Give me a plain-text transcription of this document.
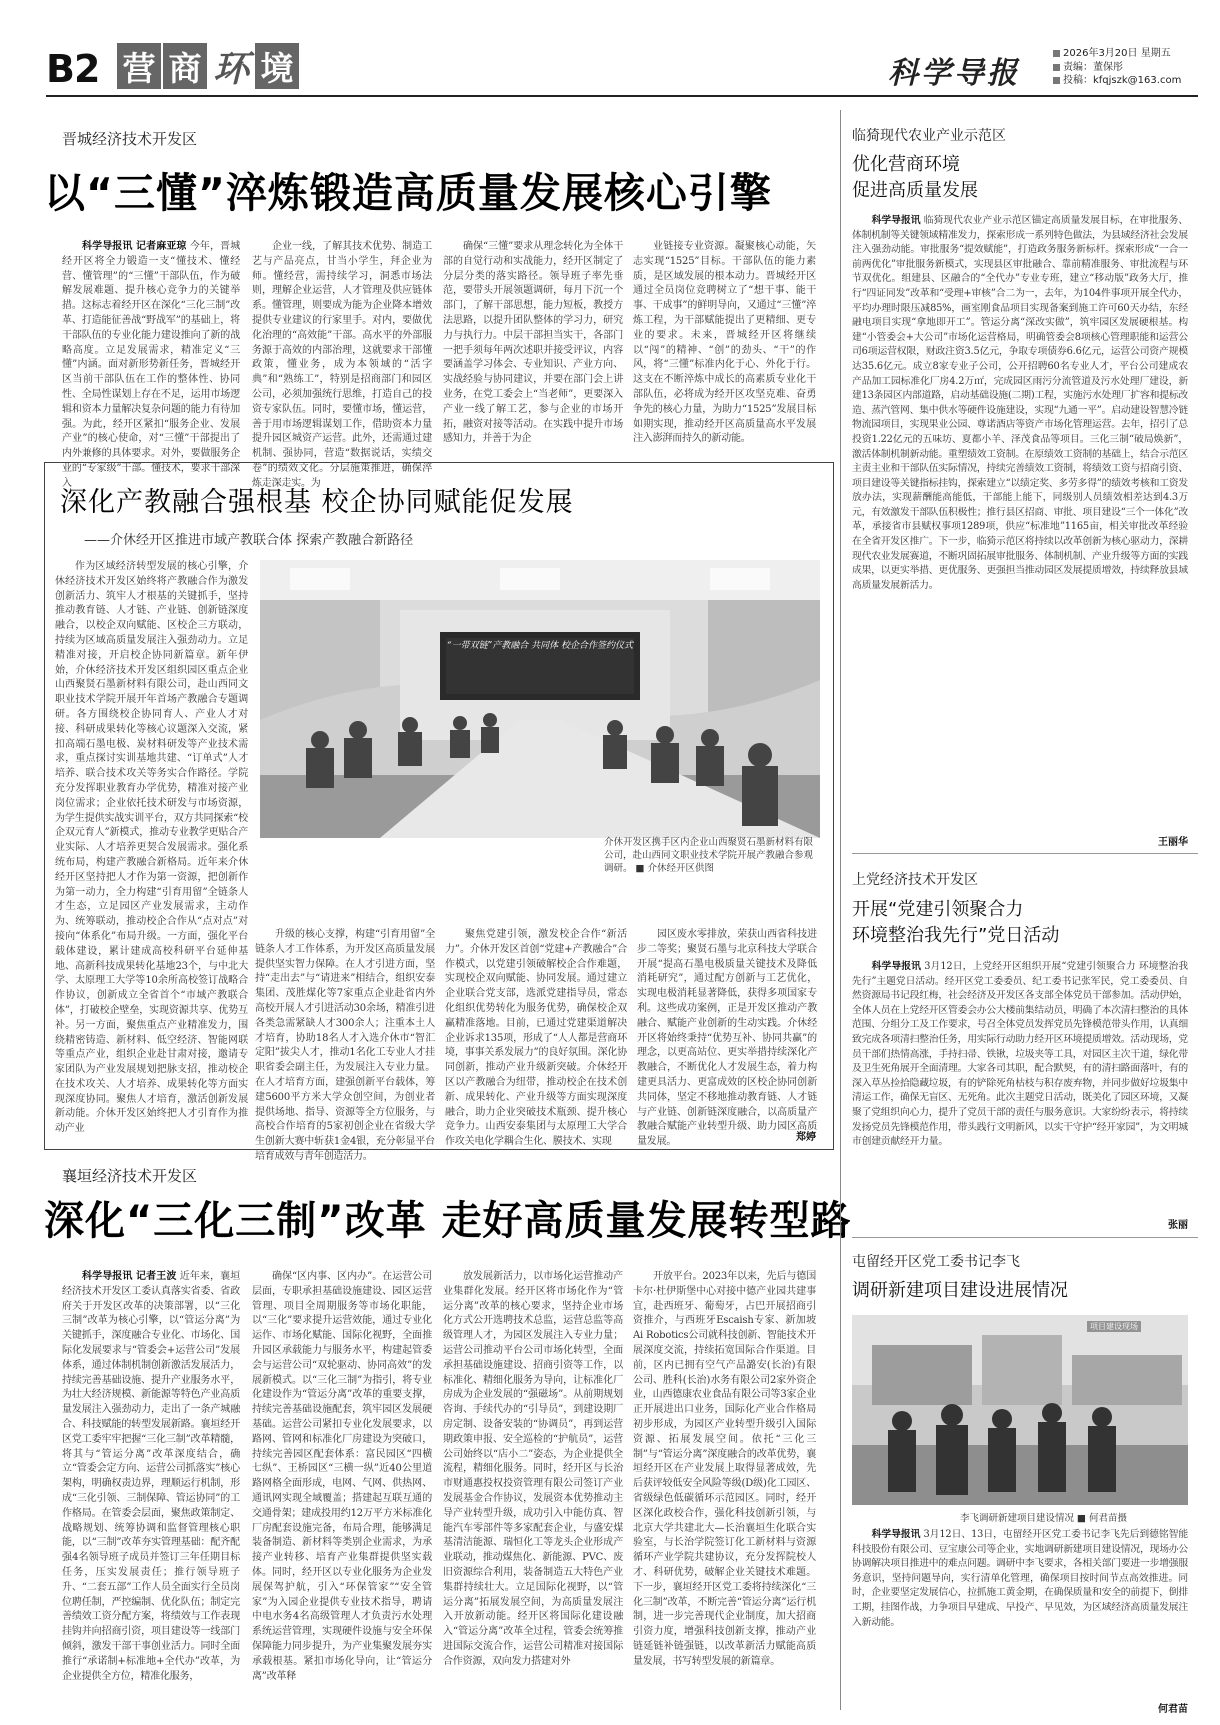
B2 营 商 环 境	科学导报
2026年3月20日 星期五
责编：董保彤
投稿：kfqjszk@163.com
晋城经济技术开发区
以“三懂”淬炼锻造高质量发展核心引擎

科学导报讯 记者麻亚琼 今年，晋城经开区将全力锻造一支“懂技术、懂经营、懂管理”的“三懂”干部队伍，作为破解发展难题、提升核心竞争力的关键举措。这标志着经开区在深化“三化三制”改革、打造能征善战“野战军”的基础上，将干部队伍的专业化能力建设推向了新的战略高度。立足发展需求，精准定义“三懂”内涵。面对新形势新任务，晋城经开区当前干部队伍在工作的整体性、协同性、全局性谋划上存在不足，运用市场逻辑和资本力量解决复杂问题的能力有待加强。为此，经开区紧扣“服务企业、发展产业”的核心使命，对“三懂”干部提出了内外兼修的具体要求。对外，要做服务企业的“专家级”干部。懂技术，要求干部深入

企业一线，了解其技术优势、制造工艺与产品亮点，甘当小学生，拜企业为师。懂经营，需持续学习，洞悉市场法则，理解企业运营，人才管理及供应链体系。懂管理，则要成为能为企业降本增效提供专业建议的行家里手。对内，要做优化治理的“高效能”干部。高水平的外部服务源于高效的内部治理，这就要求干部懂政策，懂业务，成为本领域的“活字典”和“熟练工”，特别是招商部门和园区公司，必须加强统行思维，打造自己的投资专家队伍。同时，要懂市场，懂运营，善于用市场逻辑谋划工作，借助资本力量提升园区城资产运营。此外，还需通过建机制、强协同，营造“数据说话，实绩交卷”的绩效文化。分层施策推进，确保淬炼走深走实。为

确保“三懂”要求从理念转化为全体干部的自觉行动和实战能力，经开区制定了分层分类的落实路径。领导班子率先垂范，要带头开展领题调研，每月下沉一个部门，了解干部思想，能力短板，教授方法思路，以提升团队整体的学习力，研究力与执行力。中层干部担当实干，各部门一把手须每年两次述职并接受评议，内容要涵盖学习体会、专业知识、产业方向、实战经验与协同建议，并要在部门会上讲业务，在党工委会上“当老师”，更要深入产业一线了解工艺，参与企业的市场开拓，融资对接等活动。在实践中提升市场感知力，并善于为企

业链接专业资源。凝聚核心动能，矢志实现“1525”目标。干部队伍的能力素质，是区域发展的根本动力。晋城经开区通过全员岗位竞聘树立了“想干事、能干事、干成事”的鲜明导向，又通过“三懂”淬炼工程，为干部赋能提出了更精细、更专业的要求。未来，晋城经开区将继续以“闯”的精神、“创”的劲头、“干”的作风，将“三懂”标准内化于心、外化于行。这支在不断淬炼中成长的高素质专业化干部队伍，必将成为经开区攻坚克难、奋勇争先的核心力量，为助力“1525”发展目标如期实现，推动经开区高质量高水平发展注入澎湃而持久的新动能。

深化产教融合强根基 校企协同赋能促发展
——介休经开区推进市域产教联合体 探索产教融合新路径

作为区域经济转型发展的核心引擎，介休经济技术开发区始终将产教融合作为激发创新活力、筑牢人才根基的关键抓手，坚持推动教育链、人才链、产业链、创新链深度融合，以校企双向赋能、区校企三方联动，持续为区域高质量发展注入强劲动力。立足精准对接，开启校企协同新篇章。新年伊始，介休经济技术开发区组织园区重点企业山西聚贤石墨新材料有限公司，赴山西同文职业技术学院开展开年首场产教融合专题调研。各方围绕校企协同育人、产业人才对接、科研成果转化等核心议题深入交流，紧扣高端石墨电极、炭材料研发等产业技术需求，重点探讨实训基地共建、“订单式”人才培养、联合技术攻关等务实合作路径。学院充分发挥职业教育办学优势，精准对接产业岗位需求；企业依托技术研发与市场资源，为学生提供实战实训平台，双方共同探索“校企双元育人”新模式，推动专业教学更贴合产业实际、人才培养更契合发展需求。强化系统布局，构建产教融合新格局。近年来介休经开区坚持把人才作为第一资源，把创新作为第一动力，全力构建“引育用留”全链条人才生态，立足园区产业发展需求，主动作为、统筹联动，推动校企合作从“点对点”对接向“体系化”布局升级。一方面，强化平台载体建设，累计建成高校科研平台延伸基地、高新科技成果转化基地23个，与中北大学、太原理工大学等10余所高校签订战略合作协议，创新成立全省首个“市域产教联合体”，打破校企壁垒，实现资源共享、优势互补。另一方面，聚焦重点产业精准发力，围绕精密铸造、新材料、低空经济、智能网联等重点产业，组织企业赴甘肃对接，邀请专家团队为产业发展规划把脉支招，推动校企在技术攻关、人才培养、成果转化等方面实现深度协同。聚焦人才培育，激活创新发展新动能。介休开发区始终把人才引育作为推动产业

“一带双链”产教融合 共同体 校企合作签约仪式
介休开发区携手区内企业山西聚贤石墨新材料有限公司，赴山西同文职业技术学院开展产教融合参观调研。 ■ 介休经开区供图

襄垣经济技术开发区
深化“三化三制”改革 走好高质量发展转型路

科学导报讯 记者王波 近年来，襄垣经济技术开发区工委认真落实省委、省政府关于开发区改革的决策部署，以“三化三制”改革为核心引擎，以“管运分离”为关键抓手，深度融合专业化、市场化、国际化发展要求与“管委会+运营公司”发展体系，通过体制机制创新激活发展活力，持续完善基础设施、提升产业服务水平，为壮大经济规模、新能源等特色产业高质量发展注入强劲动力，走出了一条产城融合、科技赋能的转型发展新路。襄垣经开区党工委牢牢把握“三化三制”改革精髓，将其与“管运分离”改革深度结合，确立“管委会定方向、运营公司抓落实”核心架构，明确权责边界，理顺运行机制，形成“三化引领、三制保障、管运协同”的工作格局。在管委会层面，聚焦政策制定、战略规划、统筹协调和监督管理核心职能，以“三制”改革夯实管理基础：配齐配强4名领导班子成员并签订三年任期目标任务，压实发展责任；推行领导班子升、“二套五部”工作人员全面实行全员岗位聘任制，严控编制、优化队伍；制定完善绩效工资分配方案，将绩效与工作表现挂钩并向招商引资，项目建设等一线部门倾斜，激发干部干事创业活力。同时全面推行“承诺制+标准地+全代办”改革，为企业提供全方位，精准化服务，

确保“区内事、区内办”。在运营公司层面，专职承担基础设施建设、园区运营管理、项目全周期服务等市场化职能，以“三化”要求提升运营效能，通过专业化运作、市场化赋能、国际化视野，全面推升园区承载能力与服务水平，构建起管委会与运营公司“双轮驱动、协同高效”的发展新模式。以“三化三制”为指引，将专业化建设作为“管运分离”改革的重要支撑，持续完善基础设施配套，筑牢园区发展硬基础。运营公司紧扣专业化发展要求，以路网、管网和标准化厂房建设为突破口，持续完善园区配套体系：富民园区“四横七纵”、王桥园区“三横一纵”近40公里道路网格全面形成，电网、气网、供热网、通讯网实现全域覆盖；搭建起互联互通的交通骨架；建成投用约12万平方米标准化厂房配套设施完备，布局合理，能够满足装备制造、新材料等类别企业需求，为承接产业转移、培育产业集群提供坚实载体。同时，经开区以专业化服务为企业发展保驾护航，引入“环保管家”“安全管家”为入园企业提供专业技术指导，聘请中电水务4名高级管理人才负责污水处理系统运营管理，实现硬件设施与安全环保保障能力同步提升，为产业集聚发展夯实承载根基。紧扣市场化导向，让“管运分离”改革释

放发展新活力，以市场化运营推动产业集群化发展。经开区将市场化作为“管运分离”改革的核心要求，坚持企业市场化方式公开选聘技术总监，运营总监等高级管理人才，为园区发展注入专业力量；运营公司推动平台公司市场化转型，全面承担基础设施建设、招商引资等工作，以标准化、精细化服务为导向，让标准化厂房成为企业发展的“强磁场”。从前期规划咨询、手续代办的“引导员”，到建设期厂房定制、设备安装的“协调员”，再到运营期政策申报、安全巡检的“护航员”，运营公司始终以“店小二”姿态，为企业提供全流程，精细化服务。同时，经开区与长治市财通惠投权投资管理有限公司签订产业发展基金合作协议，发展资本优势推动主导产业转型升级，成功引入中能仿真、智能汽车零部件等多家配套企业，与盛安煤基清洁能源、瑞恒化工等龙头企业形成产业联动，推动煤焦化、新能源、PVC、废旧资源综合利用，装备制造五大特色产业集群持续壮大。立足国际化视野，以“管运分离”拓展发展空间，为高质量发展注入开放新动能。经开区将国际化建设融入“管运分离”改革全过程，管委会统筹推进国际交流合作，运营公司精准对接国际合作资源，双向发力搭建对外

开放平台。2023年以来，先后与德国卡尔·杜伊斯堡中心对接中德产业园共建事宜，赴西班牙、葡萄牙，占巴开展招商引资推介，与西班牙Escaish专家、新加坡Ai Robotics公司就科技创新、智能技术开展深度交流，持续拓宽国际合作渠道。目前，区内已拥有空气产品潞安(长治)有限公司、胜科(长治)水务有限公司2家外资企业，山西德康农业食品有限公司等3家企业正开展进出口业务，国际化产业合作格局初步形成，为园区产业转型升级引入国际资源、拓展发展空间。依托“三化三制”与“管运分离”深度融合的改革优势，襄垣经开区在产业发展上取得显著成效，先后获评较低安全风险等级(D级)化工园区、省级绿色低碳循环示范园区。同时，经开区深化政校合作，强化科技创新引领，与北京大学共建北大—长治襄垣生化联合实验室，与长治学院签订化工新材料与资源循环产业学院共建协议，充分发挥院校人才、科研优势，破解企业关键技术难题。下一步，襄垣经开区党工委将持续深化“三化三制”改革，不断完善“管运分离”运行机制，进一步完善现代企业制度，加大招商引资力度，增强科技创新支撑，推动产业链延链补链强链，以改革新活力赋能高质量发展，书写转型发展的新篇章。

临猗现代农业产业示范区
优化营商环境
促进高质量发展

科学导报讯 临猗现代农业产业示范区锚定高质量发展目标，在审批服务、体制机制等关键领域精准发力，探索形成一系列特色做法，为县域经济社会发展注入强劲动能。审批服务“提效赋能”，打造政务服务新标杆。探索形成“一合一前两优化”审批服务新模式，实现县区审批融合、靠前精准服务、审批流程与环节双优化。组建县、区融合的“全代办”专业专班，建立“移动版”政务大厅，推行“四证同发”改革和“受理+审核”合二为一，去年，为104件事项开展全代办，平均办理时限压减85%，画室刚食品项目实现备案到施工许可60天办结，东经融电项目实现“拿地即开工”。管运分离“深改实做”，筑牢园区发展硬根基。构建“小管委会+大公司”市场化运营格局，明确管委会8项核心管理职能和运营公司6项运营权限，财政注资3.5亿元，争取专项债券6.6亿元，运营公司资产规模达35.6亿元。成立8家专业子公司，公开招聘60名专业人才，平台公司建成农产品加工园标准化厂房4.2万㎡，完成园区雨污分流管道及污水处理厂建设，新建13条园区内部道路，启动基础设施(二期)工程，实施污水处理厂扩容和提标改造、蒸汽管网、集中供水等硬件设施建设，实现“九通一平”。启动建设智慧冷链物流园项目，实现果业公园、尊诺酒店等资产市场化管理运营。去年，招引了总投资1.22亿元的五味坊、夏都小羊、泽茂食品等项目。三化三制“破局焕新”，激活体制机制新动能。重塑绩效工资制。在原绩效工资制的基础上，结合示范区主责主业和干部队伍实际情况，持续完善绩效工资制，将绩效工资与招商引资、项目建设等关键指标挂钩，探索建立“以绩定奖、多劳多得”的绩效考核和工资发放办法，实现薪酬能高能低，干部能上能下，同级别人员绩效相差达到4.3万元，有效激发干部队伍积极性；推行县区招商、审批、项目建设“三个一体化”改革，承接省市县赋权事项1289项，供应“标准地”1165亩，相关审批改革经验在全省开发区推广。下一步，临猗示范区将持续以改革创新为核心驱动力，深耕现代农业发展赛道，不断巩固拓展审批服务、体制机制、产业升级等方面的实践成果，以更实举措、更优服务、更强担当推动园区发展提质增效，持续释放县域高质量发展新活力。

王丽华
上党经济技术开发区
开展“党建引领聚合力
环境整治我先行”党日活动

科学导报讯 3月12日，上党经开区组织开展“党建引领聚合力 环境整治我先行”主题党日活动。经开区党工委委员、纪工委书记张军民，党工委委员、自然资源局书记段红梅，社会经济及开发区各支部全体党员干部参加。活动伊始，全体人员在上党经开区管委会办公大楼前集结动员，明确了本次清扫整治的具体范围、分组分工及工作要求，号召全体党员发挥党员先锋模范带头作用，认真细致完成各项清扫整治任务，用实际行动助力经开区环境提质增效。活动现场，党员干部们热情高涨，手持扫帚、铁锹，垃圾夹等工具，对园区主次干道，绿化带及卫生死角展开全面清理。大家各司其职，配合默契，有的清扫路面落叶，有的深入草丛捡拾隐藏垃圾，有的铲除死角枯枝与积存废弃物，并同步做好垃圾集中清运工作，确保无盲区、无死角。此次主题党日活动，既美化了园区环境，又凝聚了党组织向心力，提升了党员干部的责任与服务意识。大家纷纷表示，将持续发扬党员先锋模范作用，带头践行文明新风，以实干守护“经开家园”，为文明城市创建贡献经开力量。

张丽
屯留经开区党工委书记李飞
调研新建项目建设进展情况
项目建设现场
李飞调研新建项目建设情况 ■ 何君苗摄

科学导报讯 3月12日、13日，屯留经开区党工委书记李飞先后到德铭智能科技股份有限公司、豆宝康公司等企业，实地调研新建项目建设情况，现场办公协调解决项目推进中的难点问题。调研中李飞要求，各相关部门要进一步增强服务意识，坚持问题导向，实行清单化管理，确保项目按时间节点高效推进。同时，企业要坚定发展信心，拉抓施工黄金期，在确保质量和安全的前提下，倒排工期，挂图作战，力争项目早建成、早投产、早见效，为区域经济高质量发展注入新动能。

何君苗

升级的核心支撑，构建“引育用留”全链条人才工作体系，为开发区高质量发展提供坚实智力保障。在人才引进方面，坚持“走出去”与“请进来”相结合，组织安泰集团、茂胜煤化等7家重点企业赴省内外高校开展人才引进活动30余场，精准引进各类急需紧缺人才300余人；注重本土人才培育，协助18名人才入选介休市“智汇定阳”拔尖人才，推动1名化工专业人才挂职省委会副主任，为发展注入专业力量。在人才培育方面，建强创新平台载体，筹建5600平方米大学众创空间，为创业者提供场地、指导、资源等全方位服务，与高校合作培育的5家初创企业在省级大学生创新大赛中斩获1金4银，充分彰显平台培育成效与青年创造活力。

聚焦党建引领，激发校企合作“新活力”。介休开发区首创“党建+产教融合”合作模式，以党建引领破解校企合作难题，实现校企双向赋能、协同发展。通过建立企业联合党支部，选派党建指导员，常态化组织优势转化为服务优势，确保校企双赢精准落地。目前，已通过党建渠道解决企业诉求135项，形成了“人人都是营商环境，事事关系发展力”的良好氛围。深化协同创新，推动产业升级新突破。介休经开区以产教融合为纽带，推动校企在技术创新、成果转化、产业升级等方面实现深度融合，助力企业突破技术瓶颈、提升核心竞争力。山西安泰集团与太原理工大学合作攻关电化学耦合生化、膜技术、实现

园区废水零排放，荣获山西省科技进步二等奖；聚贤石墨与北京科技大学联合开展“提高石墨电极质量关键技术及降低消耗研究”，通过配方创新与工艺优化，实现电极消耗显著降低，获得多项国家专利。这些成功案例，正是开发区推动产教融合、赋能产业创新的生动实践。介休经开区将始终秉持“优势互补、协同共赢”的理念，以更高站位、更实举措持续深化产教融合，不断优化人才发展生态，着力构建更具活力、更富成效的区校企协同创新共同体，坚定不移地推动教育链、人才链与产业链、创新链深度融合，以高质量产教融合赋能产业转型升级、助力园区高质量发展。	郑婷
